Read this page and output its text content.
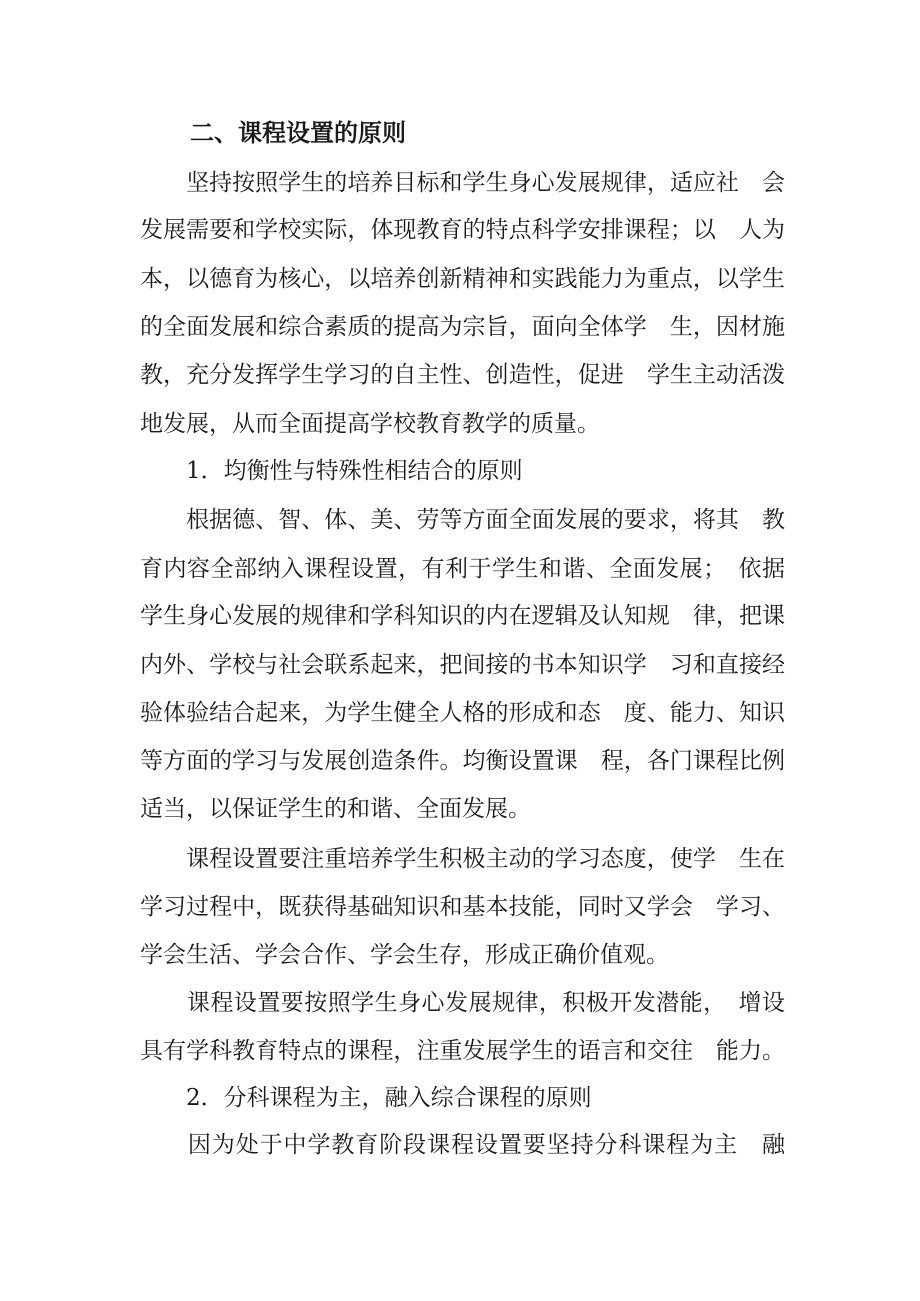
二、课程设置的原则
　　坚持按照学生的培养目标和学生身心发展规律，适应社　会
发展需要和学校实际，体现教育的特点科学安排课程；以　人为
本，以德育为核心，以培养创新精神和实践能力为重点，以学生
的全面发展和综合素质的提高为宗旨，面向全体学　生，因材施
教，充分发挥学生学习的自主性、创造性，促进　学生主动活泼
地发展，从而全面提高学校教育教学的质量。
　　1．均衡性与特殊性相结合的原则
　　根据德、智、体、美、劳等方面全面发展的要求，将其　教
育内容全部纳入课程设置，有利于学生和谐、全面发展；　依据
学生身心发展的规律和学科知识的内在逻辑及认知规　律，把课
内外、学校与社会联系起来，把间接的书本知识学　习和直接经
验体验结合起来，为学生健全人格的形成和态　度、能力、知识
等方面的学习与发展创造条件。均衡设置课　程，各门课程比例
适当，以保证学生的和谐、全面发展。
　　课程设置要注重培养学生积极主动的学习态度，使学　生在
学习过程中，既获得基础知识和基本技能，同时又学会　学习、
学会生活、学会合作、学会生存，形成正确价值观。
　　课程设置要按照学生身心发展规律，积极开发潜能，　增设
具有学科教育特点的课程，注重发展学生的语言和交往　能力。
　　2．分科课程为主，融入综合课程的原则
　　因为处于中学教育阶段课程设置要坚持分科课程为主　融
